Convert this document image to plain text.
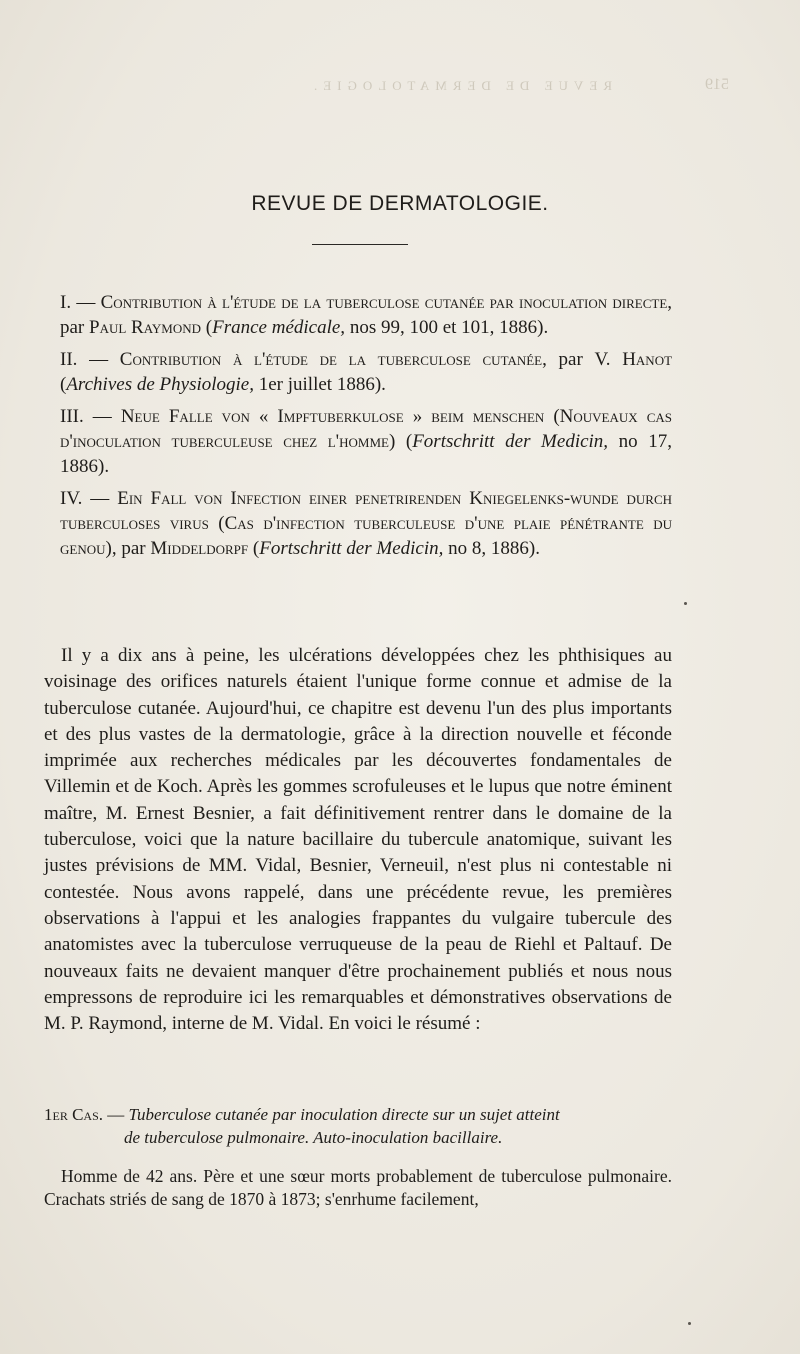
REVUE DE DERMATOLOGIE.	519
REVUE DE DERMATOLOGIE.

I. — Contribution à l'étude de la tuberculose cutanée par inoculation directe, par Paul Raymond (France médicale, nos 99, 100 et 101, 1886).

II. — Contribution à l'étude de la tuberculose cutanée, par V. Hanot (Archives de Physiologie, 1er juillet 1886).

III. — Neue Falle von « Impftuberkulose » beim menschen (Nouveaux cas d'inoculation tuberculeuse chez l'homme) (Fortschritt der Medicin, no 17, 1886).

IV. — Ein Fall von Infection einer penetrirenden Kniegelenks-wunde durch tuberculoses virus (Cas d'infection tuberculeuse d'une plaie pénétrante du genou), par Middeldorpf (Fortschritt der Medicin, no 8, 1886).

Il y a dix ans à peine, les ulcérations développées chez les phthisiques au voisinage des orifices naturels étaient l'unique forme connue et admise de la tuberculose cutanée. Aujourd'hui, ce chapitre est devenu l'un des plus importants et des plus vastes de la dermatologie, grâce à la direction nouvelle et féconde imprimée aux recherches médicales par les découvertes fondamentales de Villemin et de Koch. Après les gommes scrofuleuses et le lupus que notre éminent maître, M. Ernest Besnier, a fait définitivement rentrer dans le domaine de la tuberculose, voici que la nature bacillaire du tubercule anatomique, suivant les justes prévisions de MM. Vidal, Besnier, Verneuil, n'est plus ni contestable ni contestée. Nous avons rappelé, dans une précédente revue, les premières observations à l'appui et les analogies frappantes du vulgaire tubercule des anatomistes avec la tuberculose verruqueuse de la peau de Riehl et Paltauf. De nouveaux faits ne devaient manquer d'être prochainement publiés et nous nous empressons de reproduire ici les remarquables et démonstratives observations de M. P. Raymond, interne de M. Vidal. En voici le résumé :

1er Cas. — Tuberculose cutanée par inoculation directe sur un sujet atteint
de tuberculose pulmonaire. Auto-inoculation bacillaire.

Homme de 42 ans. Père et une sœur morts probablement de tuberculose pulmonaire. Crachats striés de sang de 1870 à 1873; s'enrhume facilement,
